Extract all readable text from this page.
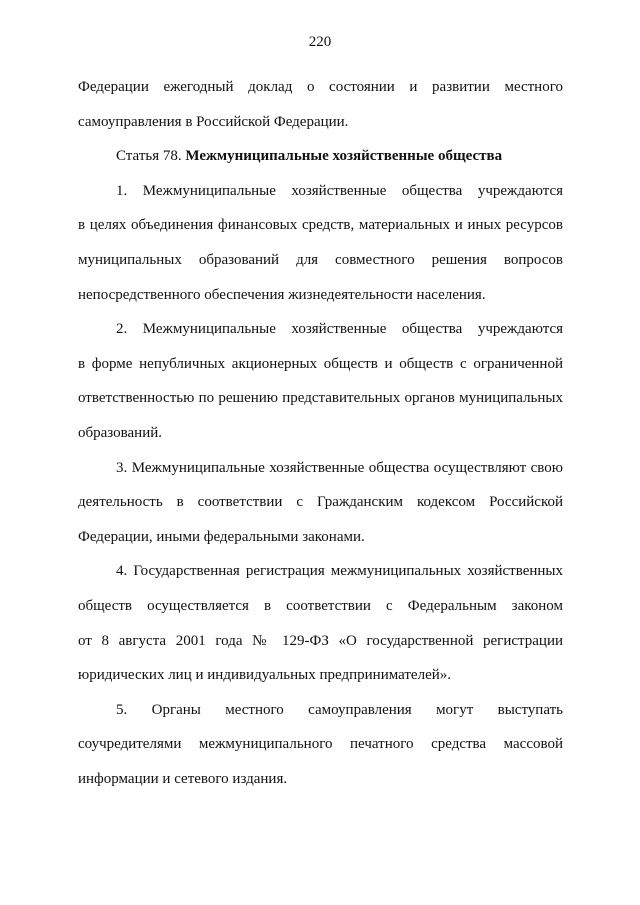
220
Федерации ежегодный доклад о состоянии и развитии местного
самоуправления в Российской Федерации.
Статья 78. Межмуниципальные хозяйственные общества
1. Межмуниципальные хозяйственные общества учреждаются
в целях объединения финансовых средств, материальных и иных ресурсов
муниципальных образований для совместного решения вопросов
непосредственного обеспечения жизнедеятельности населения.
2. Межмуниципальные хозяйственные общества учреждаются
в форме непубличных акционерных обществ и обществ с ограниченной
ответственностью по решению представительных органов муниципальных
образований.
3. Межмуниципальные хозяйственные общества осуществляют свою
деятельность в соответствии с Гражданским кодексом Российской
Федерации, иными федеральными законами.
4. Государственная регистрация межмуниципальных хозяйственных
обществ осуществляется в соответствии с Федеральным законом
от 8 августа 2001 года № 129-ФЗ «О государственной регистрации
юридических лиц и индивидуальных предпринимателей».
5. Органы местного самоуправления могут выступать
соучредителями межмуниципального печатного средства массовой
информации и сетевого издания.
